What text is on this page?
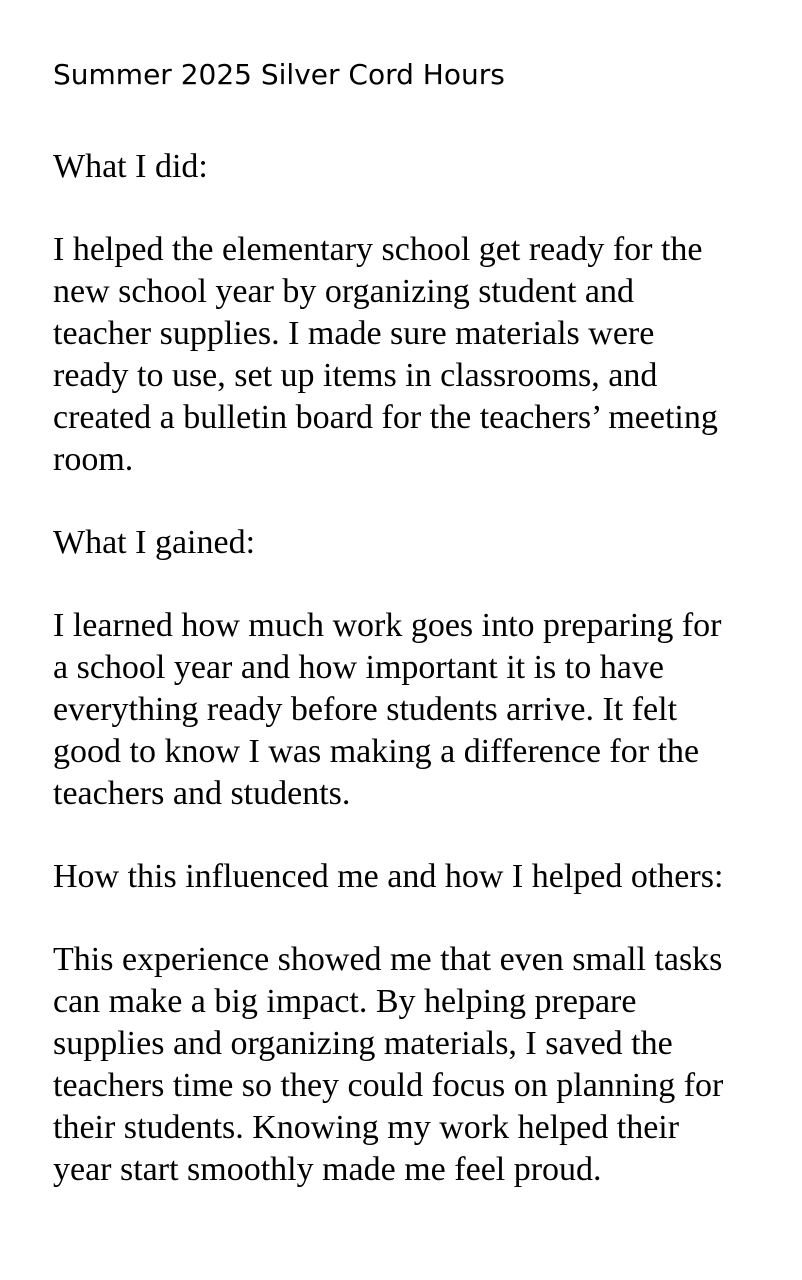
Summer 2025 Silver Cord Hours

What I did:

I helped the elementary school get ready for the
new school year by organizing student and
teacher supplies. I made sure materials were
ready to use, set up items in classrooms, and
created a bulletin board for the teachers’ meeting
room.

What I gained:

I learned how much work goes into preparing for
a school year and how important it is to have
everything ready before students arrive. It felt
good to know I was making a difference for the
teachers and students.

How this influenced me and how I helped others:

This experience showed me that even small tasks
can make a big impact. By helping prepare
supplies and organizing materials, I saved the
teachers time so they could focus on planning for
their students. Knowing my work helped their
year start smoothly made me feel proud.
